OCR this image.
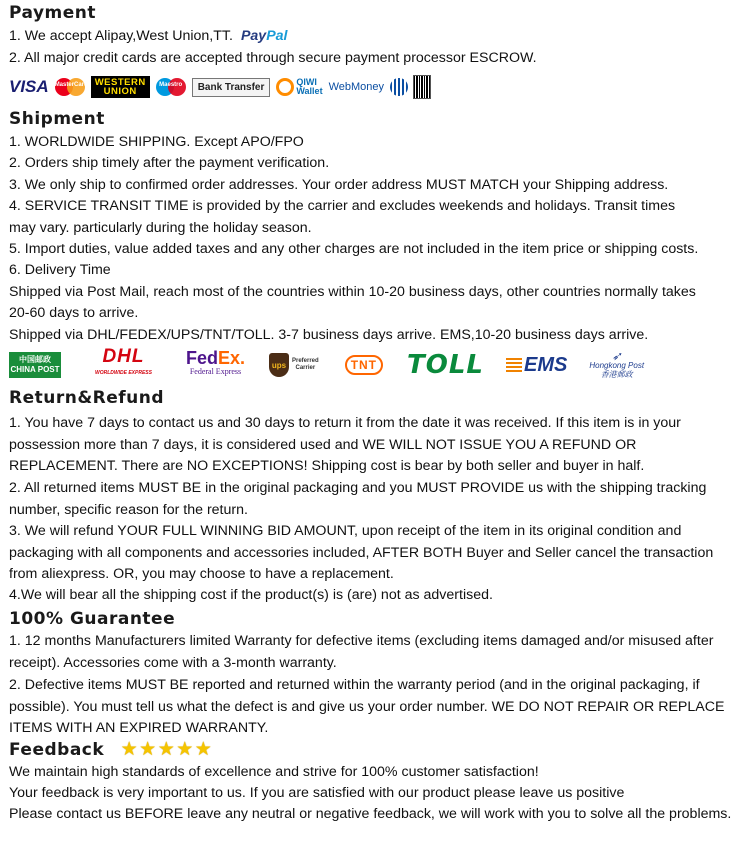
Payment
1. We accept Alipay,West Union,TT. PayPal
2. All major credit cards are accepted through secure payment processor ESCROW.
VISA MasterCard WESTERN
UNION
Maestro	Bank Transfer	QIWI
Wallet WebMoney
Shipment
1. WORLDWIDE SHIPPING. Except APO/FPO
2. Orders ship timely after the payment verification.
3. We only ship to confirmed order addresses. Your order address MUST MATCH your Shipping address.
4. SERVICE TRANSIT TIME is provided by the carrier and excludes weekends and holidays. Transit times
may vary. particularly during the holiday season.
5. Import duties, value added taxes and any other charges are not included in the item price or shipping costs.
6. Delivery Time
Shipped via Post Mail, reach most of the countries within 10-20 business days, other countries normally takes
20-60 days to arrive.
Shipped via DHL/FEDEX/UPS/TNT/TOLL. 3-7 business days arrive. EMS,10-20 business days arrive.
中国邮政
CHINA POST
DHL
WORLDWIDE EXPRESS
FedEx.
Federal Express
ups Preferred
Carrier	TNT TOLL EMS	➶
Hongkong Post
香港郵政
Return&Refund
1. You have 7 days to contact us and 30 days to return it from the date it was received. If this item is in your possession more than 7 days, it is considered used and WE WILL NOT ISSUE YOU A REFUND OR REPLACEMENT. There are NO EXCEPTIONS! Shipping cost is bear by both seller and buyer in half.
2. All returned items MUST BE in the original packaging and you MUST PROVIDE us with the shipping tracking number, specific reason for the return.
3. We will refund YOUR FULL WINNING BID AMOUNT, upon receipt of the item in its original condition and packaging with all components and accessories included, AFTER BOTH Buyer and Seller cancel the transaction from aliexpress. OR, you may choose to have a replacement.
4.We will bear all the shipping cost if the product(s) is (are) not as advertised.
100% Guarantee
1. 12 months Manufacturers limited Warranty for defective items (excluding items damaged and/or misused after receipt). Accessories come with a 3-month warranty.
2. Defective items MUST BE reported and returned within the warranty period (and in the original packaging, if possible). You must tell us what the defect is and give us your order number. WE DO NOT REPAIR OR REPLACE ITEMS WITH AN EXPIRED WARRANTY.
Feedback ★★★★★
We maintain high standards of excellence and strive for 100% customer satisfaction!
Your feedback is very important to us. If you are satisfied with our product please leave us positive
Please contact us BEFORE leave any neutral or negative feedback, we will work with you to solve all the problems.
